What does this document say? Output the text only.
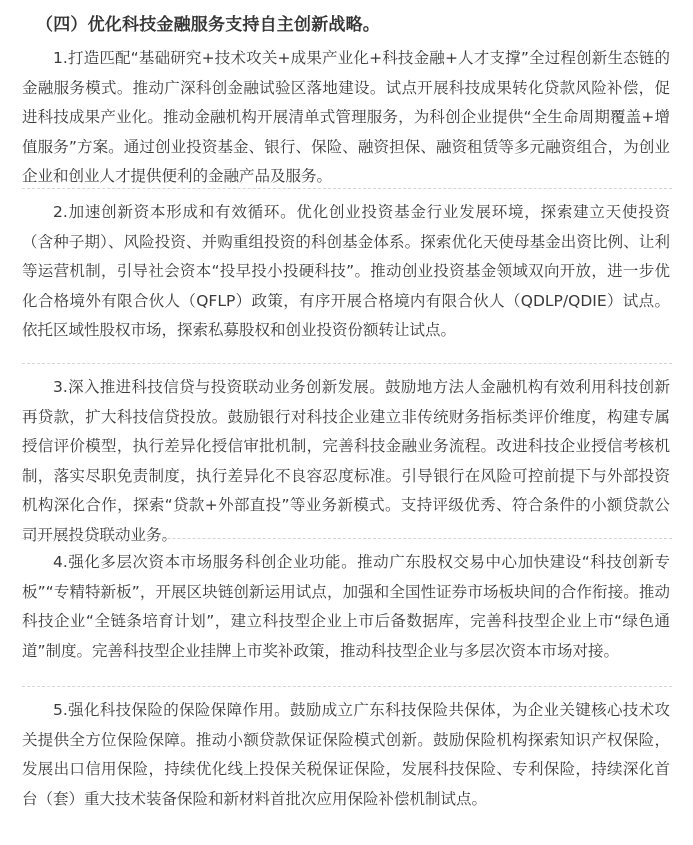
（四）优化科技金融服务支持自主创新战略。

1.打造匹配“基础研究+技术攻关+成果产业化+科技金融+人才支撑”全过程创新生态链的金融服务模式。推动广深科创金融试验区落地建设。试点开展科技成果转化贷款风险补偿，促进科技成果产业化。推动金融机构开展清单式管理服务，为科创企业提供“全生命周期覆盖+增值服务”方案。通过创业投资基金、银行、保险、融资担保、融资租赁等多元融资组合，为创业企业和创业人才提供便利的金融产品及服务。

2.加速创新资本形成和有效循环。优化创业投资基金行业发展环境，探索建立天使投资（含种子期）、风险投资、并购重组投资的科创基金体系。探索优化天使母基金出资比例、让利等运营机制，引导社会资本“投早投小投硬科技”。推动创业投资基金领域双向开放，进一步优化合格境外有限合伙人（QFLP）政策，有序开展合格境内有限合伙人（QDLP/QDIE）试点。依托区域性股权市场，探索私募股权和创业投资份额转让试点。

3.深入推进科技信贷与投资联动业务创新发展。鼓励地方法人金融机构有效利用科技创新再贷款，扩大科技信贷投放。鼓励银行对科技企业建立非传统财务指标类评价维度，构建专属授信评价模型，执行差异化授信审批机制，完善科技金融业务流程。改进科技企业授信考核机制，落实尽职免责制度，执行差异化不良容忍度标准。引导银行在风险可控前提下与外部投资机构深化合作，探索“贷款+外部直投”等业务新模式。支持评级优秀、符合条件的小额贷款公司开展投贷联动业务。

4.强化多层次资本市场服务科创企业功能。推动广东股权交易中心加快建设“科技创新专板”“专精特新板”，开展区块链创新运用试点，加强和全国性证券市场板块间的合作衔接。推动科技企业“全链条培育计划”，建立科技型企业上市后备数据库，完善科技型企业上市“绿色通道”制度。完善科技型企业挂牌上市奖补政策，推动科技型企业与多层次资本市场对接。

5.强化科技保险的保险保障作用。鼓励成立广东科技保险共保体，为企业关键核心技术攻关提供全方位保险保障。推动小额贷款保证保险模式创新。鼓励保险机构探索知识产权保险，发展出口信用保险，持续优化线上投保关税保证保险，发展科技保险、专利保险，持续深化首台（套）重大技术装备保险和新材料首批次应用保险补偿机制试点。
